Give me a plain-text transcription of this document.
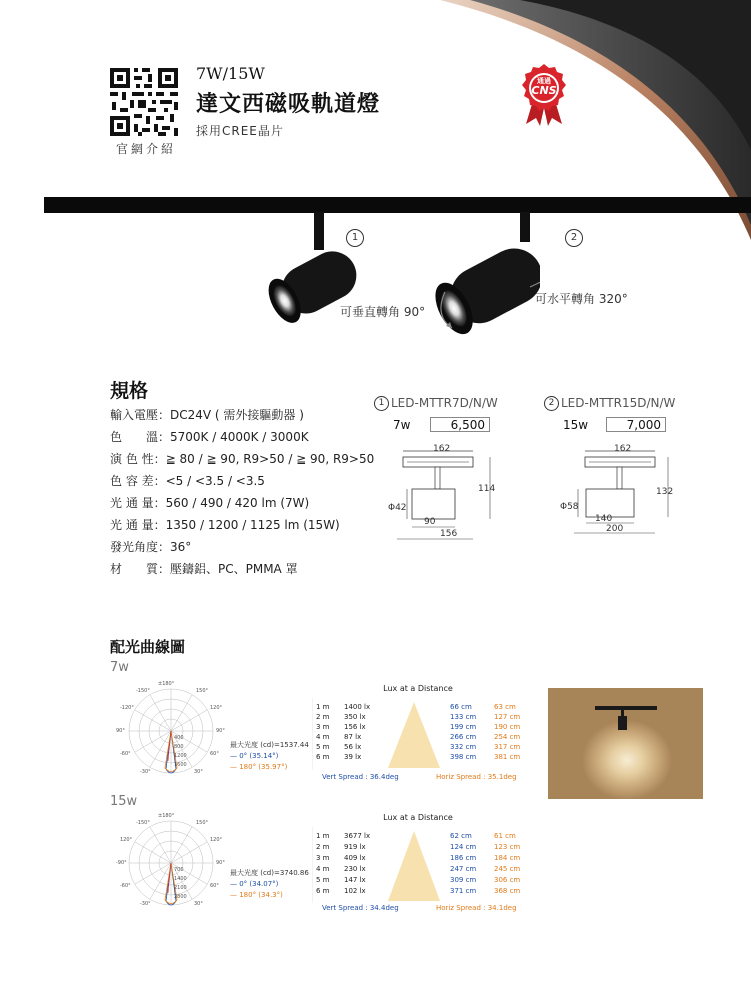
官網介紹
7W/15W
達文西磁吸軌道燈
採用CREE晶片
通過
CNS
1	2
可垂直轉角 90°
可水平轉角 320°
規格
輸入電壓：DC24V ( 需外接驅動器 )
色　　溫：5700K / 4000K / 3000K
演 色 性：≧ 80 / ≧ 90, R9>50 / ≧ 90, R9>50
色 容 差：<5 / <3.5 / <3.5
光 通 量：560 / 490 / 420 lm (7W)
光 通 量：1350 / 1200 / 1125 lm (15W)
發光角度：36°
材　　質：壓鑄鋁、PC、PMMA 罩
1 LED-MTTR7D/N/W
7w	6,500
162
114
Φ42
90
156
2 LED-MTTR15D/N/W
15w	7,000
162
132
Φ58
140
200
配光曲線圖
7w
±180°
-150°	150°
-120°	120°
90°	90°
-60°	60°
-30°	30°
400
800
1200
1600
最大光度 (cd)=1537.44
— 0° (35.14°)
— 180° (35.97°)
Lux at a Distance
1 m 1400 lx	66 cm	63 cm
2 m 350 lx	133 cm	127 cm
3 m 156 lx	199 cm	190 cm
4 m 87 lx	266 cm	254 cm
5 m 56 lx	332 cm	317 cm
6 m 39 lx	398 cm	381 cm
Vert Spread : 36.4deg	Horiz Spread : 35.1deg
15w
±180°
-150°	150°
120°	120°
-90°	90°
-60°	60°
-30°	30°
700
1400
2100
2800
最大光度 (cd)=3740.86
— 0° (34.07°)
— 180° (34.3°)
Lux at a Distance
1 m 3677 lx	62 cm	61 cm
2 m 919 lx	124 cm	123 cm
3 m 409 lx	186 cm	184 cm
4 m 230 lx	247 cm	245 cm
5 m 147 lx	309 cm	306 cm
6 m 102 lx	371 cm	368 cm
Vert Spread : 34.4deg	Horiz Spread : 34.1deg
